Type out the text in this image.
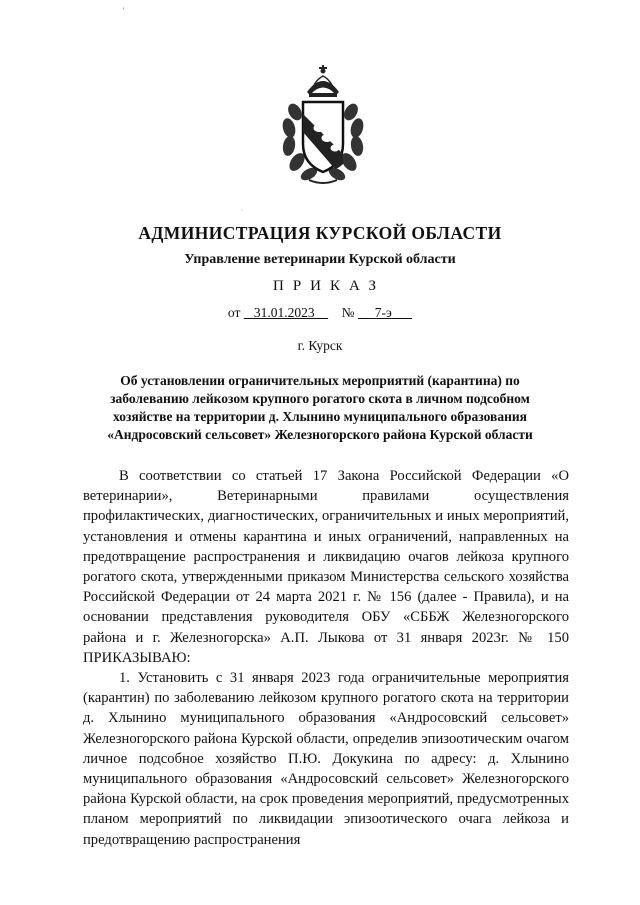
ʼ
·
АДМИНИСТРАЦИЯ КУРСКОЙ ОБЛАСТИ
Управление ветеринарии Курской области
ПРИКАЗ
от 31.01.2023 № 7-э
г. Курск
Об установлении ограничительных мероприятий (карантина) по
заболеванию лейкозом крупного рогатого скота в личном подсобном
хозяйстве на территории д. Хлынино муниципального образования
«Андросовский сельсовет» Железногорского района Курской области

В соответствии со статьей 17 Закона Российской Федерации «О ветеринарии», Ветеринарными правилами осуществления профилактических, диагностических, ограничительных и иных мероприятий, установления и отмены карантина и иных ограничений, направленных на предотвращение распространения и ликвидацию очагов лейкоза крупного рогатого скота, утвержденными приказом Министерства сельского хозяйства Российской Федерации от 24 марта 2021 г. № 156 (далее - Правила), и на основании представления руководителя ОБУ «СББЖ Железногорского района и г. Железногорска» А.П. Лыкова от 31 января 2023г. № 150 ПРИКАЗЫВАЮ:

1. Установить с 31 января 2023 года ограничительные мероприятия (карантин) по заболеванию лейкозом крупного рогатого скота на территории д. Хлынино муниципального образования «Андросовский сельсовет» Железногорского района Курской области, определив эпизоотическим очагом личное подсобное хозяйство П.Ю. Докукина по адресу: д. Хлынино муниципального образования «Андросовский сельсовет» Железногорского района Курской области, на срок проведения мероприятий, предусмотренных планом мероприятий по ликвидации эпизоотического очага лейкоза и предотвращению распространения
